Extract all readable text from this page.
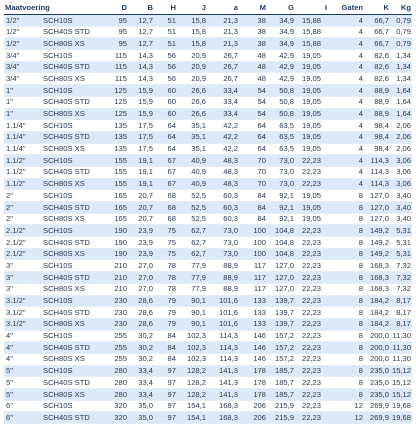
Maatvoering		D	B	H	J	a	M	G	I	Gaten	K	Kg
1/2"	SCH10S	95	12,7	51	15,8	21,3	38	34,9	15,88	4	66,7	0,79
1/2"	SCH40S STD	95	12,7	51	15,8	21,3	38	34,9	15,88	4	66,7	0,79
1/2"	SCH80S XS	95	12,7	51	15,8	21,3	38	34,9	15,88	4	66,7	0,79
3/4"	SCH10S	115	14,3	56	20,9	26,7	48	42,9	19,05	4	82,6	1,34
3/4"	SCH40S STD	115	14,3	56	20,9	26,7	48	42,9	19,05	4	82,6	1,34
3/4"	SCH80S XS	115	14,3	56	20,9	26,7	48	42,9	19,05	4	82,6	1,34
1"	SCH10S	125	15,9	60	26,6	33,4	54	50,8	19,05	4	88,9	1,64
1"	SCH40S STD	125	15,9	60	26,6	33,4	54	50,8	19,05	4	88,9	1,64
1"	SCH80S XS	125	15,9	60	26,6	33,4	54	50,8	19,05	4	88,9	1,64
1.1/4"	SCH10S	135	17,5	64	35,1	42,2	64	63,5	19,05	4	98,4	2,06
1.1/4"	SCH40S STD	135	17,5	64	35,1	42,2	64	63,5	19,05	4	98,4	2,06
1.1/4"	SCH80S XS	135	17,5	64	35,1	42,2	64	63,5	19,05	4	98,4	2,06
1.1/2"	SCH10S	155	19,1	67	40,9	48,3	70	73,0	22,23	4	114,3	3,06
1.1/2"	SCH40S STD	155	19,1	67	40,9	48,3	70	73,0	22,23	4	114,3	3,06
1.1/2"	SCH80S XS	155	19,1	67	40,9	48,3	70	73,0	22,23	4	114,3	3,06
2"	SCH10S	165	20,7	68	52,5	60,3	84	92,1	19,05	8	127,0	3,40
2"	SCH40S STD	165	20,7	68	52,5	60,3	84	92,1	19,05	8	127,0	3,40
2"	SCH80S XS	165	20,7	68	52,5	60,3	84	92,1	19,05	8	127,0	3,40
2.1/2"	SCH10S	190	23,9	75	62,7	73,0	100	104,8	22,23	8	149,2	5,31
2.1/2"	SCH40S STD	190	23,9	75	62,7	73,0	100	104,8	22,23	8	149,2	5,31
2.1/2"	SCH80S XS	190	23,9	75	62,7	73,0	100	104,8	22,23	8	149,2	5,31
3"	SCH10S	210	27,0	78	77,9	88,9	117	127,0	22,23	8	168,3	7,32
3"	SCH40S STD	210	27,0	78	77,9	88,9	117	127,0	22,23	8	168,3	7,32
3"	SCH80S XS	210	27,0	78	77,9	88,9	117	127,0	22,23	8	168,3	7,32
3.1/2"	SCH10S	230	28,6	79	90,1	101,6	133	139,7	22,23	8	184,2	8,17
3.1/2"	SCH40S STD	230	28,6	79	90,1	101,6	133	139,7	22,23	8	184,2	8,17
3.1/2"	SCH80S XS	230	28,6	79	90,1	101,6	133	139,7	22,23	8	184,2	8,17
4"	SCH10S	255	30,2	84	102,3	114,3	146	157,2	22,23	8	200,0	11,30
4"	SCH40S STD	255	30,2	84	102,3	114,3	146	157,2	22,23	8	200,0	11,30
4"	SCH80S XS	255	30,2	84	102,3	114,3	146	157,2	22,23	8	200,0	11,30
5"	SCH10S	280	33,4	97	128,2	141,3	178	185,7	22,23	8	235,0	15,12
5"	SCH40S STD	280	33,4	97	128,2	141,3	178	185,7	22,23	8	235,0	15,12
5"	SCH80S XS	280	33,4	97	128,2	141,3	178	185,7	22,23	8	235,0	15,12
6"	SCH10S	320	35,0	97	154,1	168,3	206	215,9	22,23	12	269,9	19,68
6"	SCH40S STD	320	35,0	97	154,1	168,3	206	215,9	22,23	12	269,9	19,68
